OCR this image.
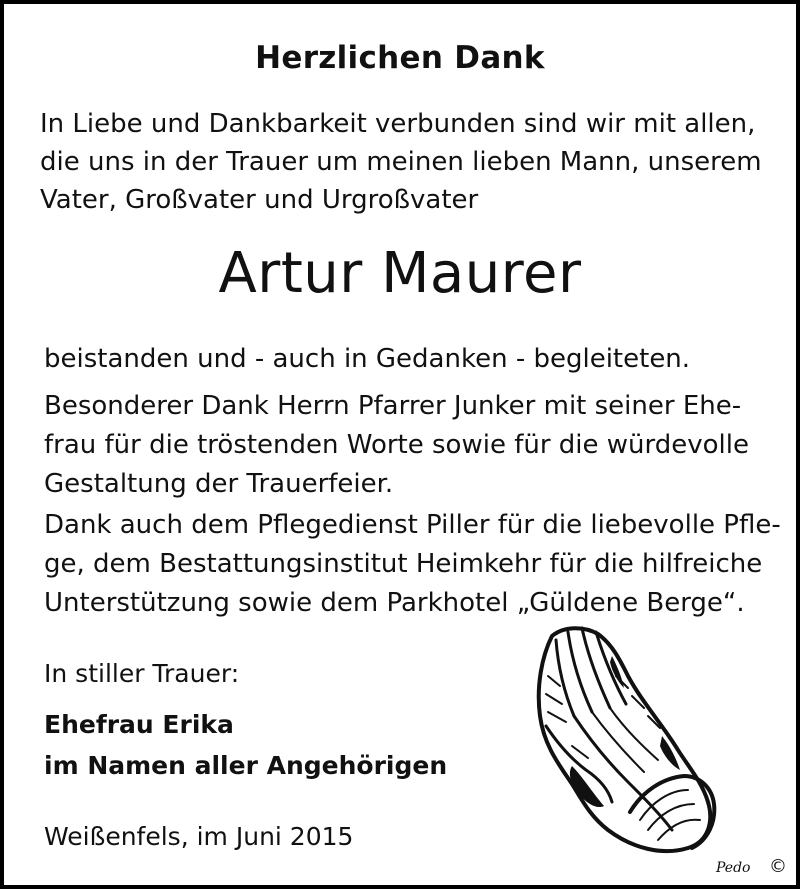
Herzlichen Dank
In Liebe und Dankbarkeit verbunden sind wir mit allen,
die uns in der Trauer um meinen lieben Mann, unserem
Vater, Großvater und Urgroßvater
Artur Maurer
beistanden und - auch in Gedanken - begleiteten.
Besonderer Dank Herrn Pfarrer Junker mit seiner Ehe-
frau für die tröstenden Worte sowie für die würdevolle
Gestaltung der Trauerfeier.
Dank auch dem Pflegedienst Piller für die liebevolle Pfle-
ge, dem Bestattungsinstitut Heimkehr für die hilfreiche
Unterstützung sowie dem Parkhotel „Güldene Berge“.
In stiller Trauer:
Ehefrau Erika
im Namen aller Angehörigen
Weißenfels, im Juni 2015
Pedo ©
